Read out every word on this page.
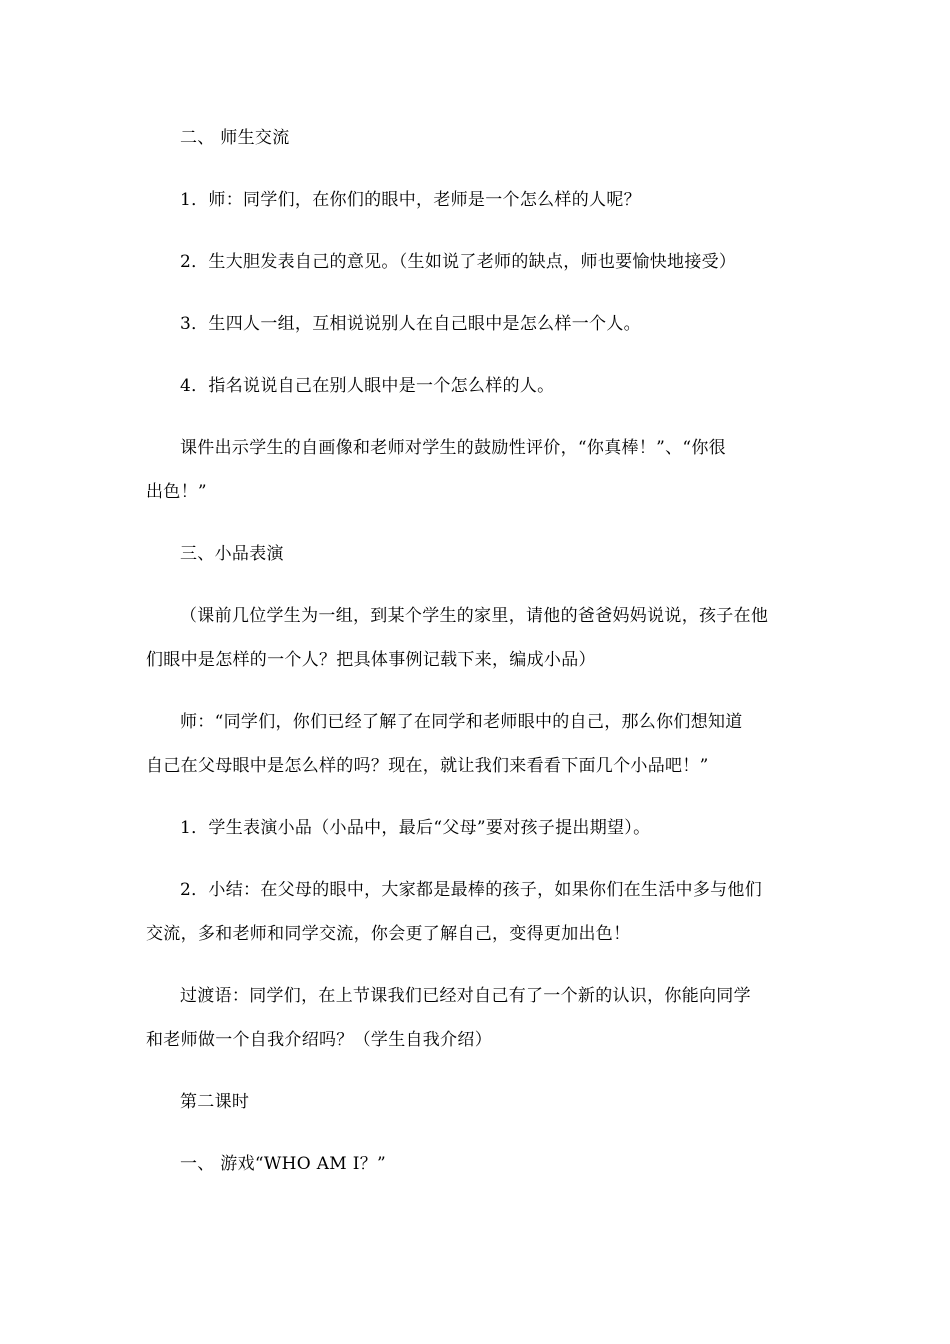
二、 师生交流
1．师：同学们，在你们的眼中，老师是一个怎么样的人呢？
2．生大胆发表自己的意见。（生如说了老师的缺点，师也要愉快地接受）
3．生四人一组，互相说说别人在自己眼中是怎么样一个人。
4．指名说说自己在别人眼中是一个怎么样的人。
课件出示学生的自画像和老师对学生的鼓励性评价，“你真棒！”、“你很
出色！”
三、小品表演
（课前几位学生为一组，到某个学生的家里，请他的爸爸妈妈说说，孩子在他
们眼中是怎样的一个人？把具体事例记载下来，编成小品）
师：“同学们，你们已经了解了在同学和老师眼中的自己，那么你们想知道
自己在父母眼中是怎么样的吗？现在，就让我们来看看下面几个小品吧！”
1．学生表演小品（小品中，最后“父母”要对孩子提出期望）。
2．小结：在父母的眼中，大家都是最棒的孩子，如果你们在生活中多与他们
交流，多和老师和同学交流，你会更了解自己，变得更加出色！
过渡语：同学们，在上节课我们已经对自己有了一个新的认识，你能向同学
和老师做一个自我介绍吗？（学生自我介绍）
第二课时
一、 游戏“WHO AM I？”
